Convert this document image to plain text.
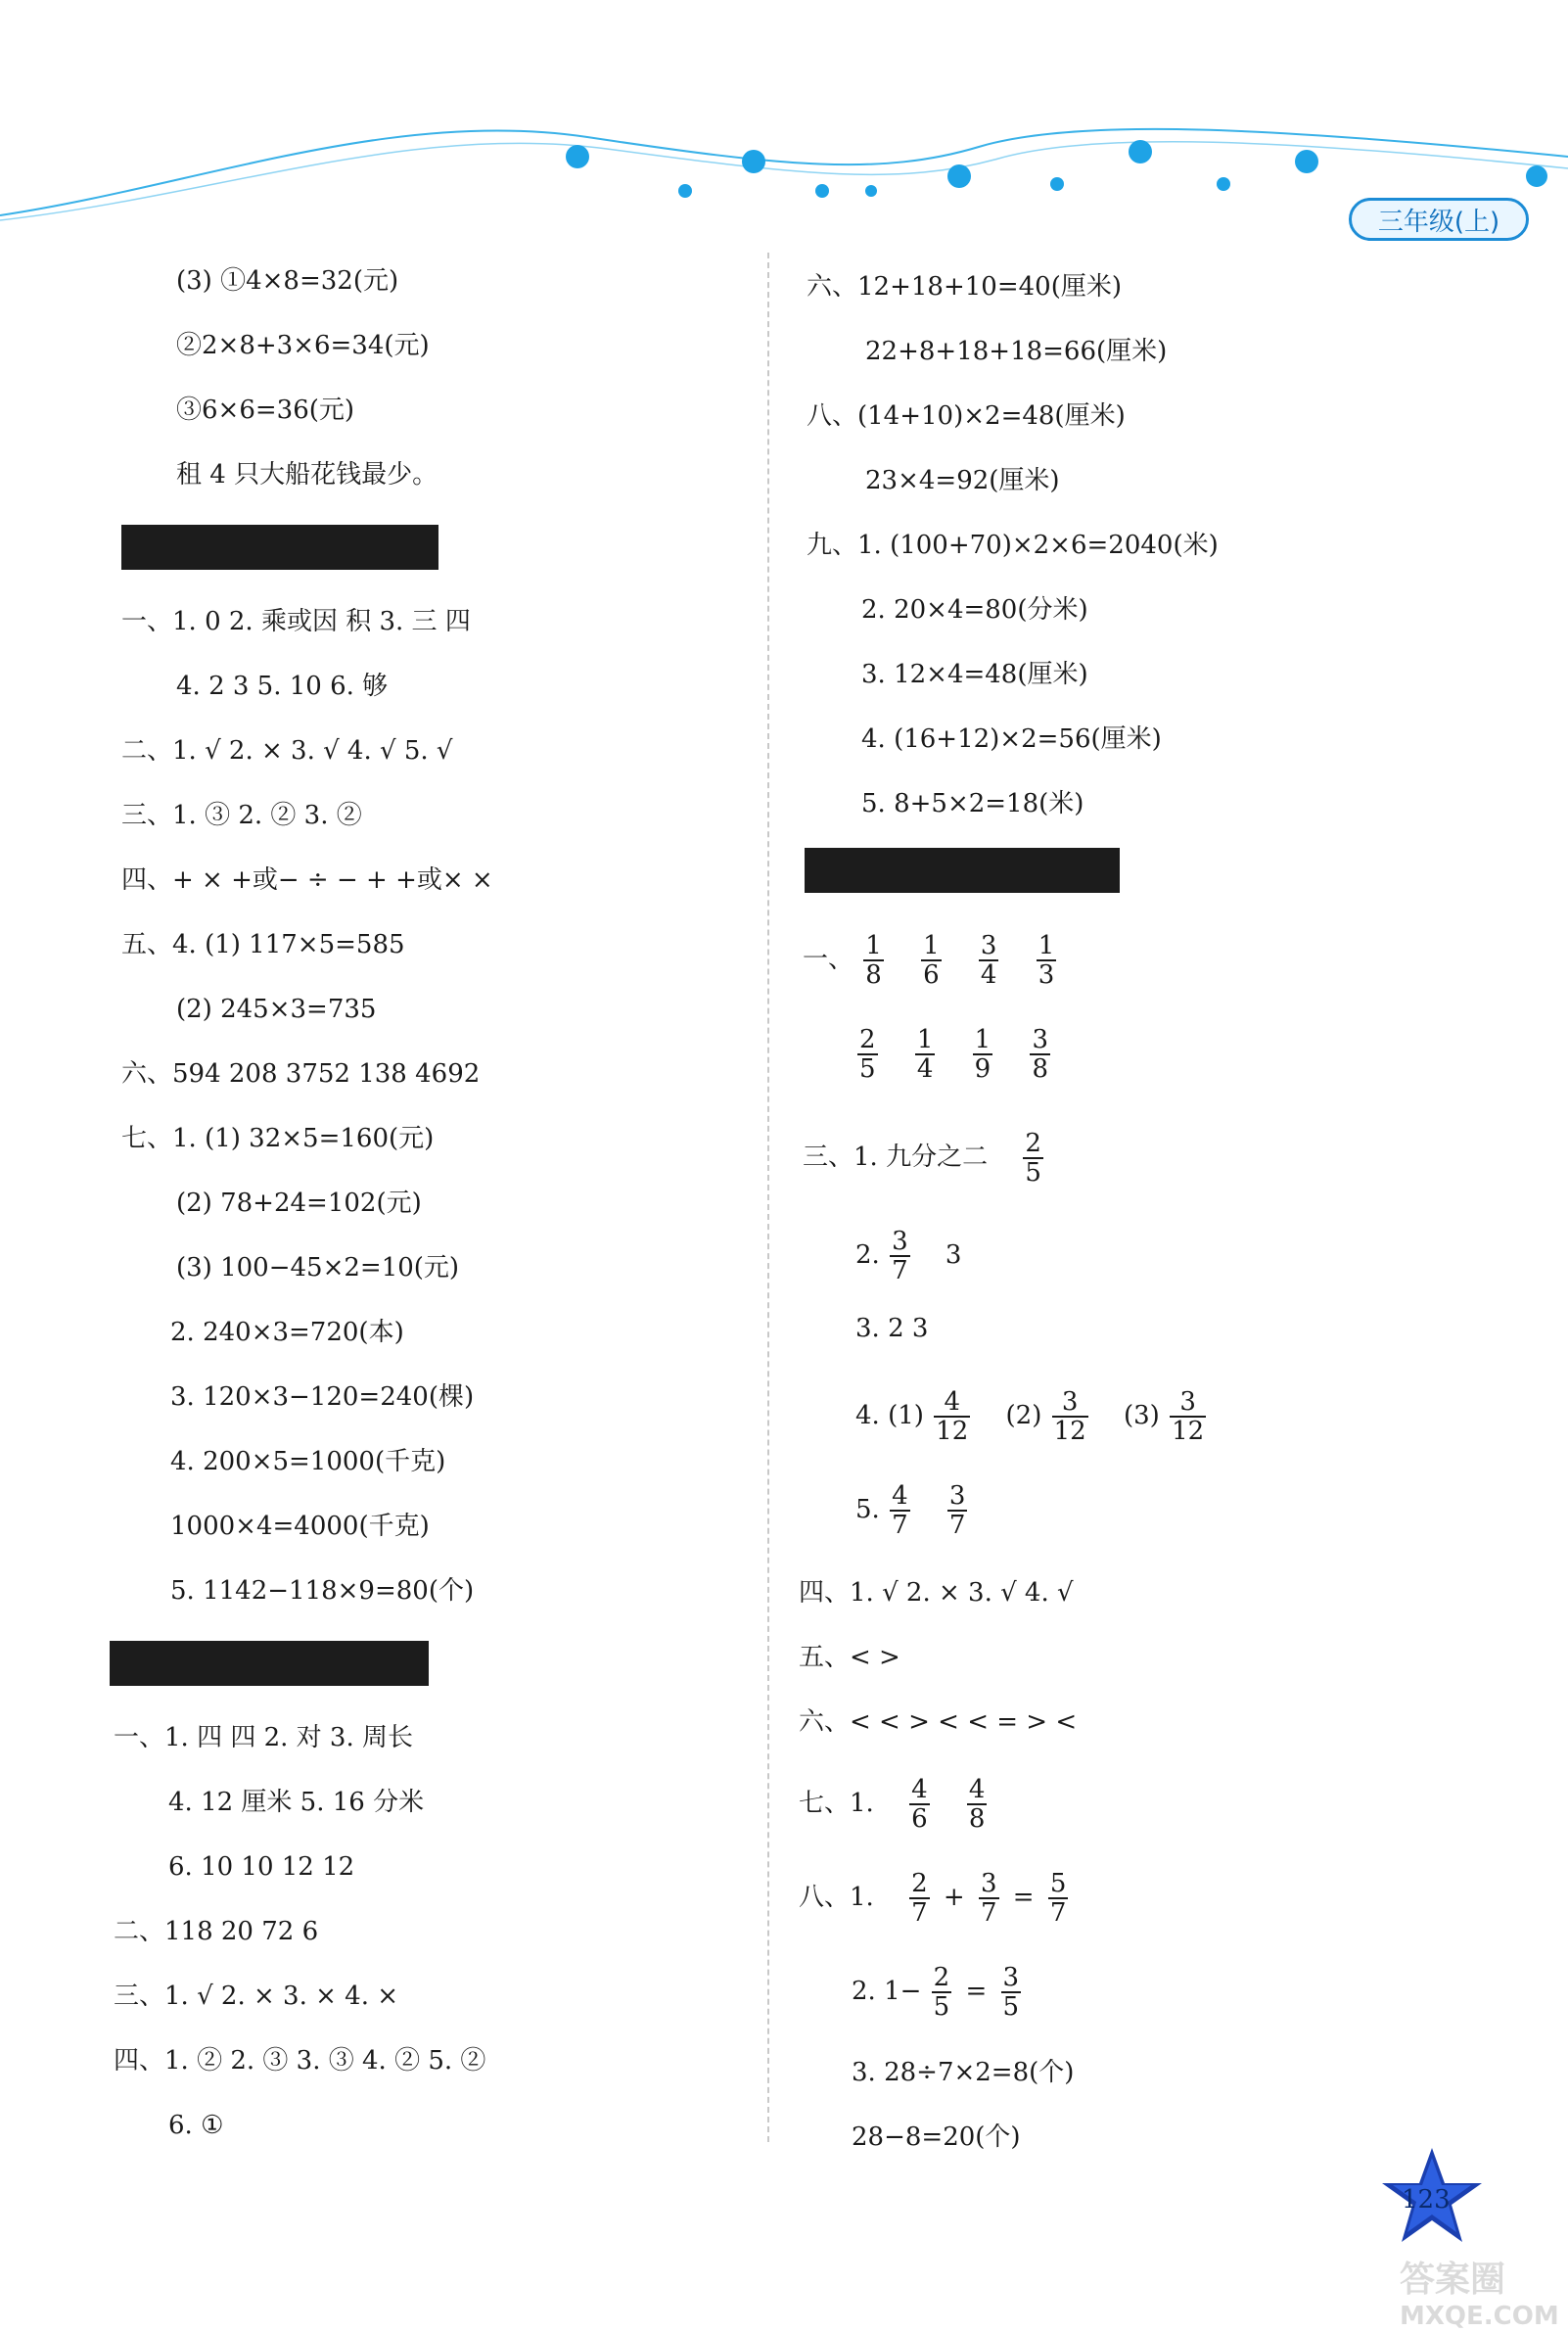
三年级(上)
(3) ①4×8=32(元)
②2×8+3×6=34(元)
③6×6=36(元)
租 4 只大船花钱最少。
一、1. 0 2. 乘或因 积 3. 三 四
4. 2 3 5. 10 6. 够
二、1. √ 2. × 3. √ 4. √ 5. √
三、1. ③ 2. ② 3. ②
四、+ × +或− ÷ − + +或× ×
五、4. (1) 117×5=585
(2) 245×3=735
六、594 208 3752 138 4692
七、1. (1) 32×5=160(元)
(2) 78+24=102(元)
(3) 100−45×2=10(元)
2. 240×3=720(本)
3. 120×3−120=240(棵)
4. 200×5=1000(千克)
1000×4=4000(千克)
5. 1142−118×9=80(个)
一、1. 四 四 2. 对 3. 周长
4. 12 厘米 5. 16 分米
6. 10 10 12 12
二、118 20 72 6
三、1. √ 2. × 3. × 4. ×
四、1. ② 2. ③ 3. ③ 4. ② 5. ②
6. ①
六、12+18+10=40(厘米)
22+8+18+18=66(厘米)
八、(14+10)×2=48(厘米)
23×4=92(厘米)
九、1. (100+70)×2×6=2040(米)
2. 20×4=80(分米)
3. 12×4=48(厘米)
4. (16+12)×2=56(厘米)
5. 8+5×2=18(米)
一、 $\frac{1}{8}$
$\frac{1}{6}$
$\frac{3}{4}$
$\frac{1}{3}$
$\frac{2}{5}$
$\frac{1}{4}$
$\frac{1}{9}$
$\frac{3}{8}$
三、1. 九分之二 $\frac{2}{5}$
2. $\frac{3}{7} 3$
3. 2 3
4. $(1) \frac{4}{12} (2) \frac{3}{12} (3) \frac{3}{12}$
5. $\frac{4}{7}$
$\frac{3}{7}$
四、1. √ 2. × 3. √ 4. √
五、< >
六、< < > < < = > <
七、1. $\frac{4}{6}$
$\frac{4}{8}$
八、1. $\frac{2}{7} + \frac{3}{7} = \frac{5}{7}$
2. $1- \frac{2}{5} = \frac{3}{5}$
3. 28÷7×2=8(个)
28−8=20(个)
123
答案圈
MXQE.COM
